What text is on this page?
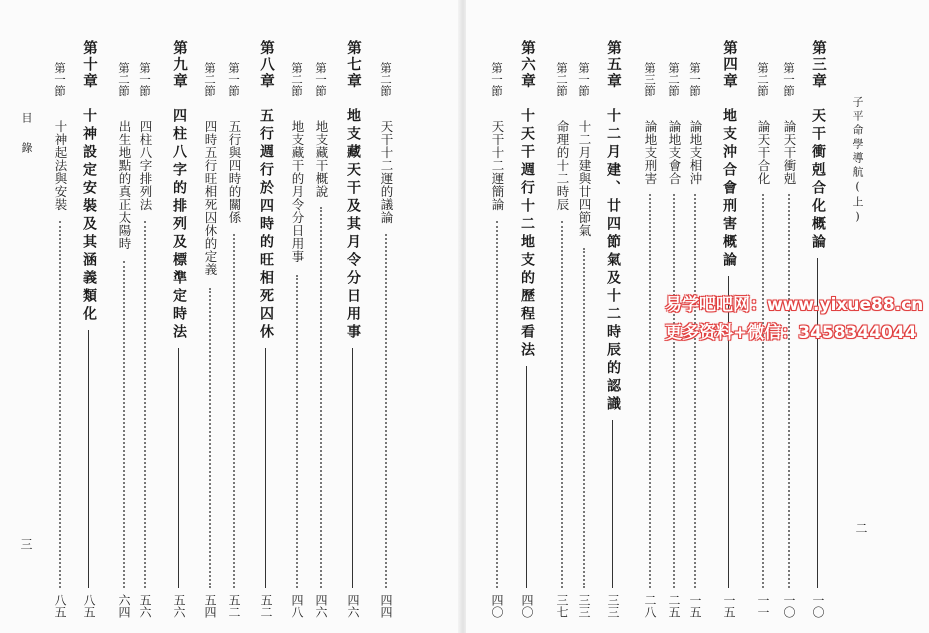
子平命學導航(上)
二
目 錄
三
第三章
天干衝剋合化概論
一〇
第一節
論天干衝剋
一〇
第二節
論天干合化
一一
第四章
地支沖合會刑害概論
一五
第一節
論地支相沖
一五
第二節
論地支會合
二五
第三節
論地支刑害
二八
第五章
十二月建、廿四節氣及十二時辰的認識
三三
第一節
十二月建與廿四節氣
三三
第二節
命理的十二時辰
三七
第六章
十天干週行十二地支的歷程看法
四〇
第一節
天干十二運簡論
四〇
第二節
天干十二運的議論
四四
第七章
地支藏天干及其月令分日用事
四六
第一節
地支藏干概說
四六
第二節
地支藏干的月令分日用事
四八
第八章
五行週行於四時的旺相死囚休
五二
第一節
五行與四時的關係
五二
第二節
四時五行旺相死囚休的定義
五四
第九章
四柱八字的排列及標準定時法
五六
第一節
四柱八字排列法
五六
第二節
出生地點的真正太陽時
六四
第十章
十神設定安裝及其涵義類化
八五
第一節
十神起法與安裝
八五
易学吧吧网：www.yixue88.cn
更多资料+微信：3458344044
